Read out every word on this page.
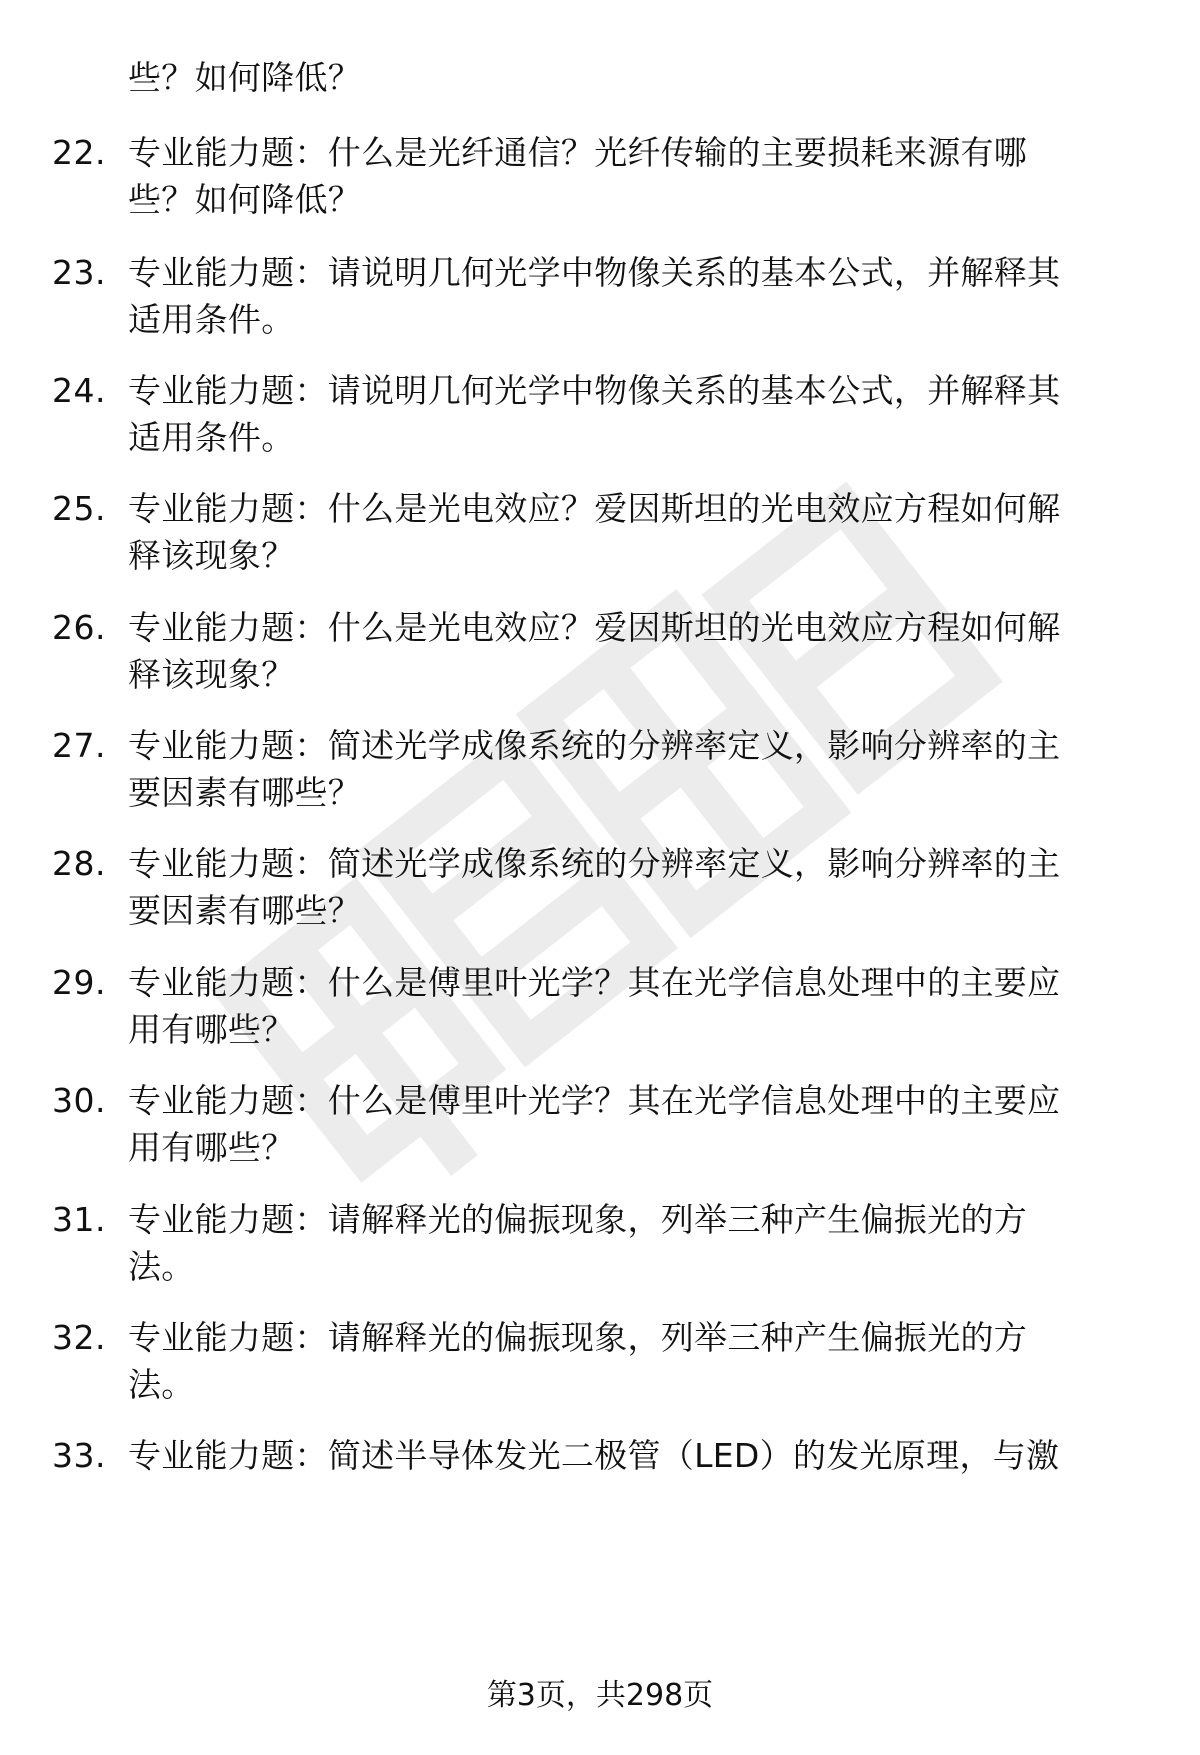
些？如何降低？
22. 专业能力题：什么是光纤通信？光纤传输的主要损耗来源有哪
些？如何降低？
23. 专业能力题：请说明几何光学中物像关系的基本公式，并解释其
适用条件。
24. 专业能力题：请说明几何光学中物像关系的基本公式，并解释其
适用条件。
25. 专业能力题：什么是光电效应？爱因斯坦的光电效应方程如何解
释该现象？
26. 专业能力题：什么是光电效应？爱因斯坦的光电效应方程如何解
释该现象？
27. 专业能力题：简述光学成像系统的分辨率定义，影响分辨率的主
要因素有哪些？
28. 专业能力题：简述光学成像系统的分辨率定义，影响分辨率的主
要因素有哪些？
29. 专业能力题：什么是傅里叶光学？其在光学信息处理中的主要应
用有哪些？
30. 专业能力题：什么是傅里叶光学？其在光学信息处理中的主要应
用有哪些？
31. 专业能力题：请解释光的偏振现象，列举三种产生偏振光的方
法。
32. 专业能力题：请解释光的偏振现象，列举三种产生偏振光的方
法。
33. 专业能力题：简述半导体发光二极管（LED）的发光原理，与激
第3页，共298页
